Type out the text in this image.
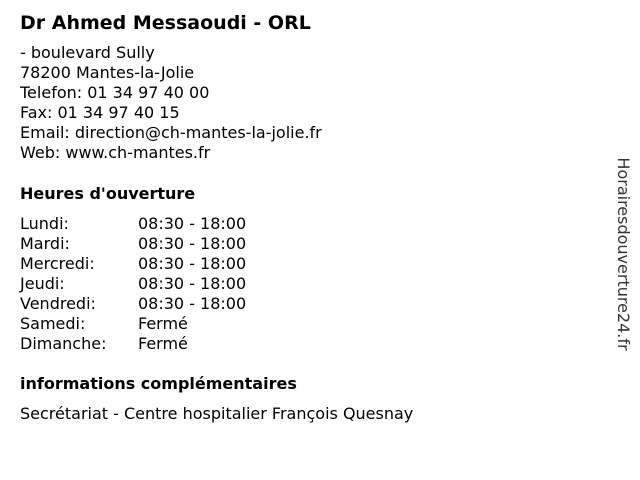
Dr Ahmed Messaoudi - ORL
- boulevard Sully
78200 Mantes-la-Jolie
Telefon: 01 34 97 40 00
Fax: 01 34 97 40 15
Email: direction@ch-mantes-la-jolie.fr
Web: www.ch-mantes.fr
Heures d'ouverture
Lundi:	08:30 - 18:00
Mardi:	08:30 - 18:00
Mercredi:	08:30 - 18:00
Jeudi:	08:30 - 18:00
Vendredi:	08:30 - 18:00
Samedi:	Fermé
Dimanche: Fermé
informations complémentaires
Secrétariat - Centre hospitalier François Quesnay
Horairesdouverture24.fr
